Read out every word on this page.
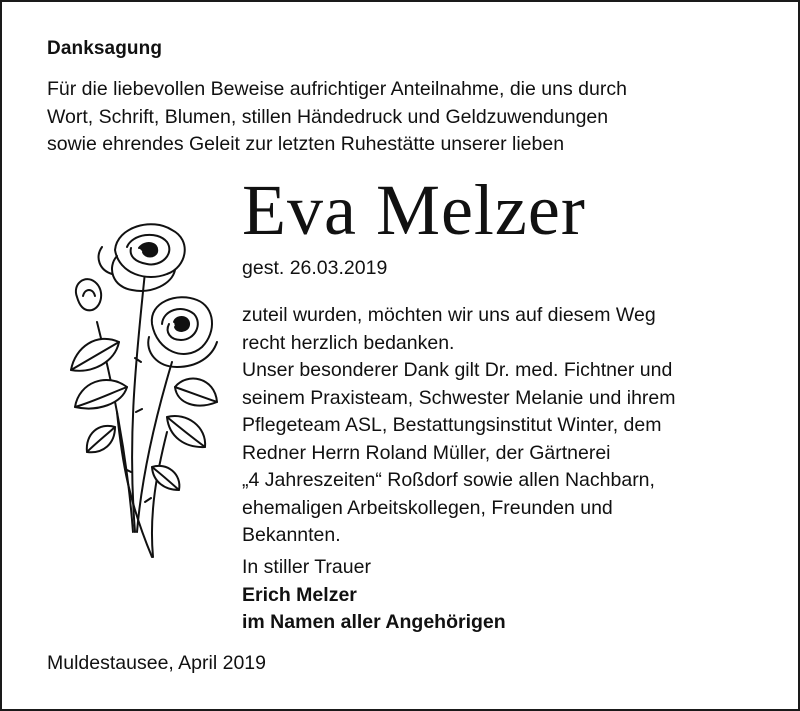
Danksagung
Für die liebevollen Beweise aufrichtiger Anteilnahme, die uns durch
Wort, Schrift, Blumen, stillen Händedruck und Geldzuwendungen
sowie ehrendes Geleit zur letzten Ruhestätte unserer lieben
Eva Melzer
gest. 26.03.2019
zuteil wurden, möchten wir uns auf diesem Weg
recht herzlich bedanken.
Unser besonderer Dank gilt Dr. med. Fichtner und
seinem Praxisteam, Schwester Melanie und ihrem
Pflegeteam ASL, Bestattungsinstitut Winter, dem
Redner Herrn Roland Müller, der Gärtnerei
„4 Jahreszeiten“ Roßdorf sowie allen Nachbarn,
ehemaligen Arbeitskollegen, Freunden und
Bekannten.
In stiller Trauer
Erich Melzer
im Namen aller Angehörigen
Muldestausee, April 2019
